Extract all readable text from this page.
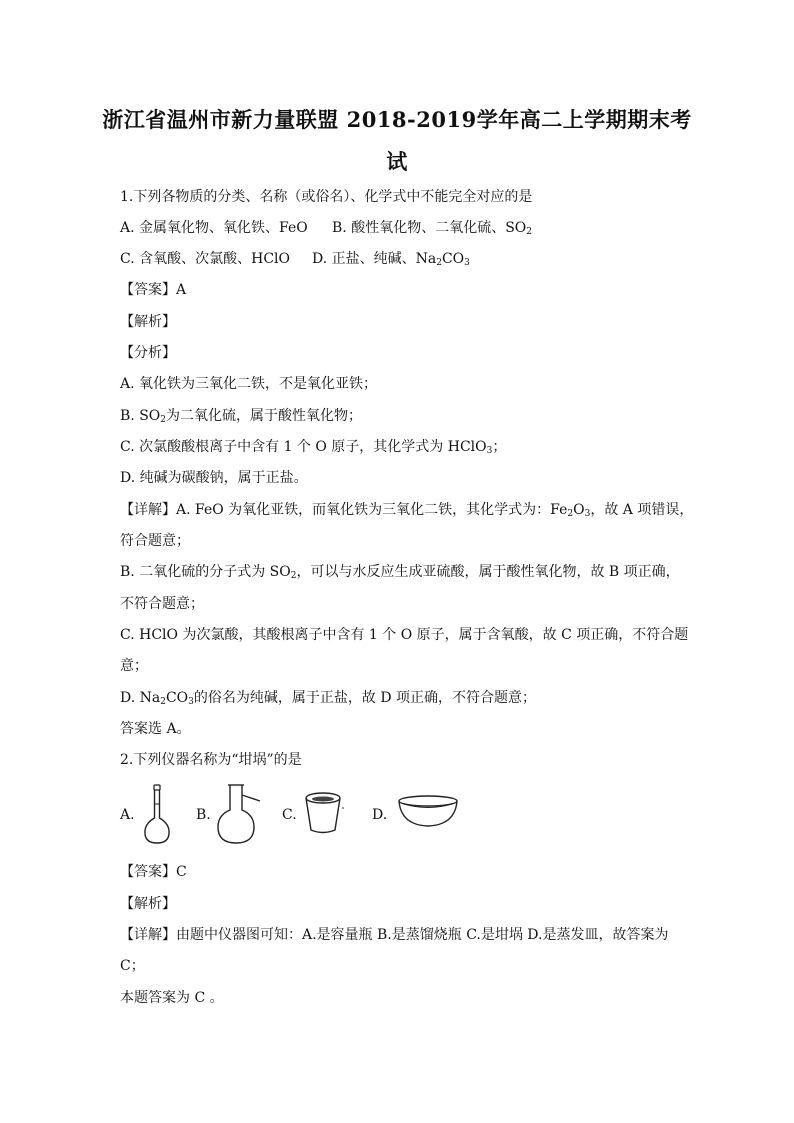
浙江省温州市新力量联盟 2018-2019学年高二上学期期末考
试
1.下列各物质的分类、名称（或俗名）、化学式中不能完全对应的是
A. 金属氧化物、氧化铁、FeO B. 酸性氧化物、二氧化硫、$SO_2$
C. 含氧酸、次氯酸、HClO D. 正盐、纯碱、$Na_2CO_3$
【答案】A
【解析】
【分析】
A. 氧化铁为三氧化二铁，不是氧化亚铁；
B. $SO_2$为二氧化硫，属于酸性氧化物；
C. 次氯酸酸根离子中含有 1 个 O 原子，其化学式为 HClO$_3$；
D. 纯碱为碳酸钠，属于正盐。
【详解】A. FeO 为氧化亚铁，而氧化铁为三氧化二铁，其化学式为：$Fe_2O_3$，故 A 项错误，
符合题意；
B. 二氧化硫的分子式为 $SO_2$，可以与水反应生成亚硫酸，属于酸性氧化物，故 B 项正确，
不符合题意；
C. HClO 为次氯酸，其酸根离子中含有 1 个 O 原子，属于含氧酸，故 C 项正确，不符合题
意；
D. $Na_2CO_3$的俗名为纯碱，属于正盐，故 D 项正确，不符合题意；
答案选 A。
2.下列仪器名称为“坩埚”的是
A.	B.	C.	D.
【答案】C
【解析】
【详解】由题中仪器图可知：A.是容量瓶 B.是蒸馏烧瓶 C.是坩埚 D.是蒸发皿，故答案为
C；
本题答案为 C 。
